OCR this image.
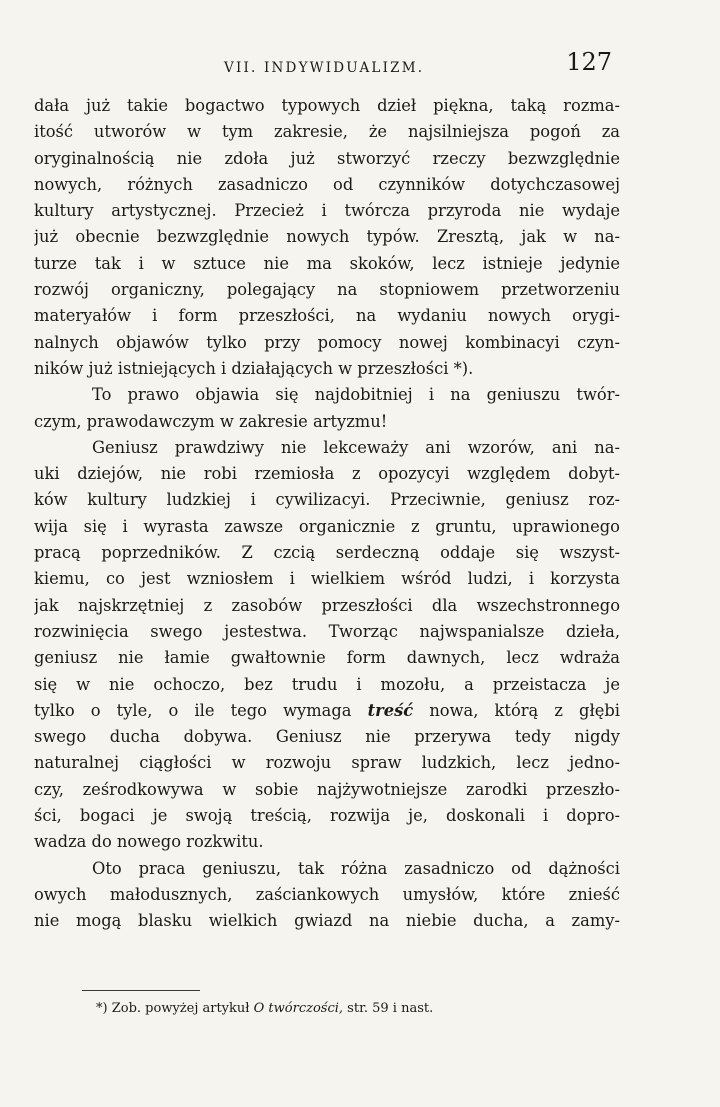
VII. INDYWIDUALIZM.	127
dała już takie bogactwo typowych dzieł piękna, taką rozma-
itość utworów w tym zakresie, że najsilniejsza pogoń za
oryginalnością nie zdoła już stworzyć rzeczy bezwzględnie
nowych, różnych zasadniczo od czynników dotychczasowej
kultury artystycznej. Przecież i twórcza przyroda nie wydaje
już obecnie bezwzględnie nowych typów. Zresztą, jak w na-
turze tak i w sztuce nie ma skoków, lecz istnieje jedynie
rozwój organiczny, polegający na stopniowem przetworzeniu
materyałów i form przeszłości, na wydaniu nowych orygi-
nalnych objawów tylko przy pomocy nowej kombinacyi czyn-
ników już istniejących i działających w przeszłości *).
To prawo objawia się najdobitniej i na geniuszu twór-
czym, prawodawczym w zakresie artyzmu!
Geniusz prawdziwy nie lekceważy ani wzorów, ani na-
uki dziejów, nie robi rzemiosła z opozycyi względem dobyt-
ków kultury ludzkiej i cywilizacyi. Przeciwnie, geniusz roz-
wija się i wyrasta zawsze organicznie z gruntu, uprawionego
pracą poprzedników. Z czcią serdeczną oddaje się wszyst-
kiemu, co jest wzniosłem i wielkiem wśród ludzi, i korzysta
jak najskrzętniej z zasobów przeszłości dla wszechstronnego
rozwinięcia swego jestestwa. Tworząc najwspanialsze dzieła,
geniusz nie łamie gwałtownie form dawnych, lecz wdraża
się w nie ochoczo, bez trudu i mozołu, a przeistacza je
tylko o tyle, o ile tego wymaga treść nowa, którą z głębi
swego ducha dobywa. Geniusz nie przerywa tedy nigdy
naturalnej ciągłości w rozwoju spraw ludzkich, lecz jedno-
czy, ześrodkowywa w sobie najżywotniejsze zarodki przeszło-
ści, bogaci je swoją treścią, rozwija je, doskonali i dopro-
wadza do nowego rozkwitu.
Oto praca geniuszu, tak różna zasadniczo od dążności
owych małodusznych, zaściankowych umysłów, które znieść
nie mogą blasku wielkich gwiazd na niebie ducha, a zamy-
*) Zob. powyżej artykuł O twórczości, str. 59 i nast.
